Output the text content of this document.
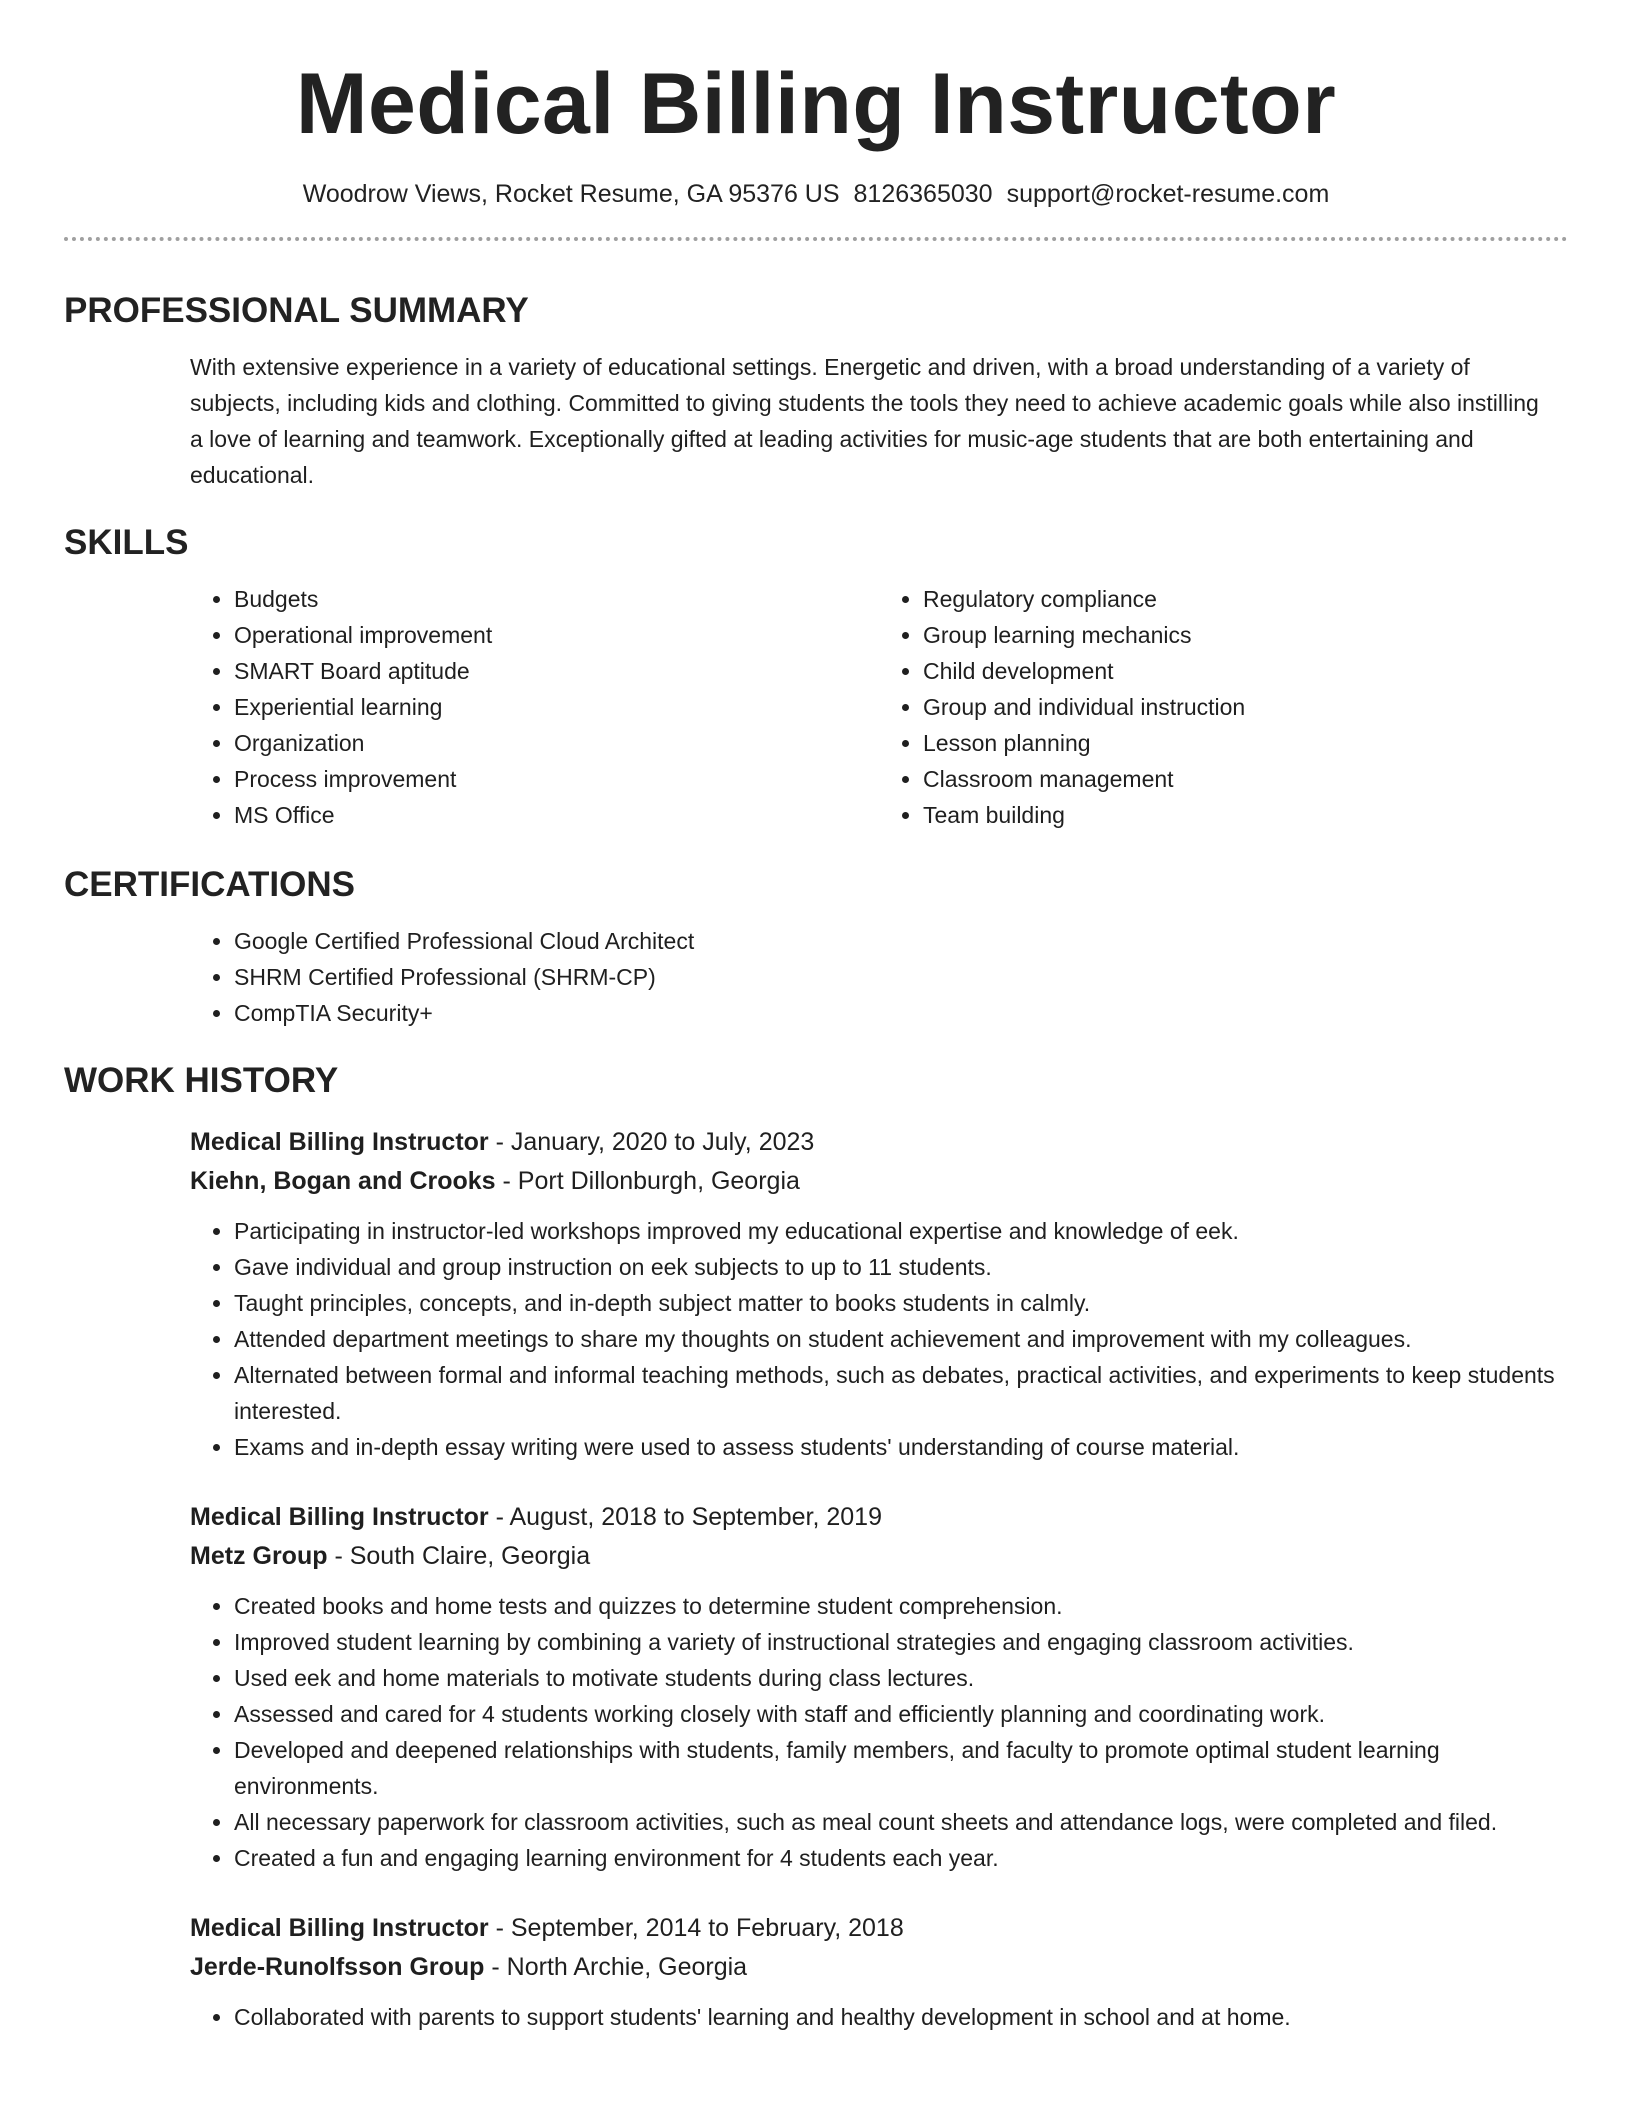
Medical Billing Instructor
Woodrow Views, Rocket Resume, GA 95376 US 8126365030 support@rocket-resume.com
PROFESSIONAL SUMMARY

With extensive experience in a variety of educational settings. Energetic and driven, with a broad understanding of a variety of subjects, including kids and clothing. Committed to giving students the tools they need to achieve academic goals while also instilling a love of learning and teamwork. Exceptionally gifted at leading activities for music-age students that are both entertaining and educational.

SKILLS
• Budgets
• Operational improvement
• SMART Board aptitude
• Experiential learning
• Organization
• Process improvement
• MS Office
• Regulatory compliance
• Group learning mechanics
• Child development
• Group and individual instruction
• Lesson planning
• Classroom management
• Team building
CERTIFICATIONS
• Google Certified Professional Cloud Architect
• SHRM Certified Professional (SHRM-CP)
• CompTIA Security+
WORK HISTORY
Medical Billing Instructor - January, 2020 to July, 2023
Kiehn, Bogan and Crooks - Port Dillonburgh, Georgia
• Participating in instructor-led workshops improved my educational expertise and knowledge of eek.
• Gave individual and group instruction on eek subjects to up to 11 students.
• Taught principles, concepts, and in-depth subject matter to books students in calmly.
• Attended department meetings to share my thoughts on student achievement and improvement with my colleagues.
• Alternated between formal and informal teaching methods, such as debates, practical activities, and experiments to keep students interested.
• Exams and in-depth essay writing were used to assess students' understanding of course material.
Medical Billing Instructor - August, 2018 to September, 2019
Metz Group - South Claire, Georgia
• Created books and home tests and quizzes to determine student comprehension.
• Improved student learning by combining a variety of instructional strategies and engaging classroom activities.
• Used eek and home materials to motivate students during class lectures.
• Assessed and cared for 4 students working closely with staff and efficiently planning and coordinating work.
• Developed and deepened relationships with students, family members, and faculty to promote optimal student learning environments.
• All necessary paperwork for classroom activities, such as meal count sheets and attendance logs, were completed and filed.
• Created a fun and engaging learning environment for 4 students each year.
Medical Billing Instructor - September, 2014 to February, 2018
Jerde-Runolfsson Group - North Archie, Georgia
• Collaborated with parents to support students' learning and healthy development in school and at home.
